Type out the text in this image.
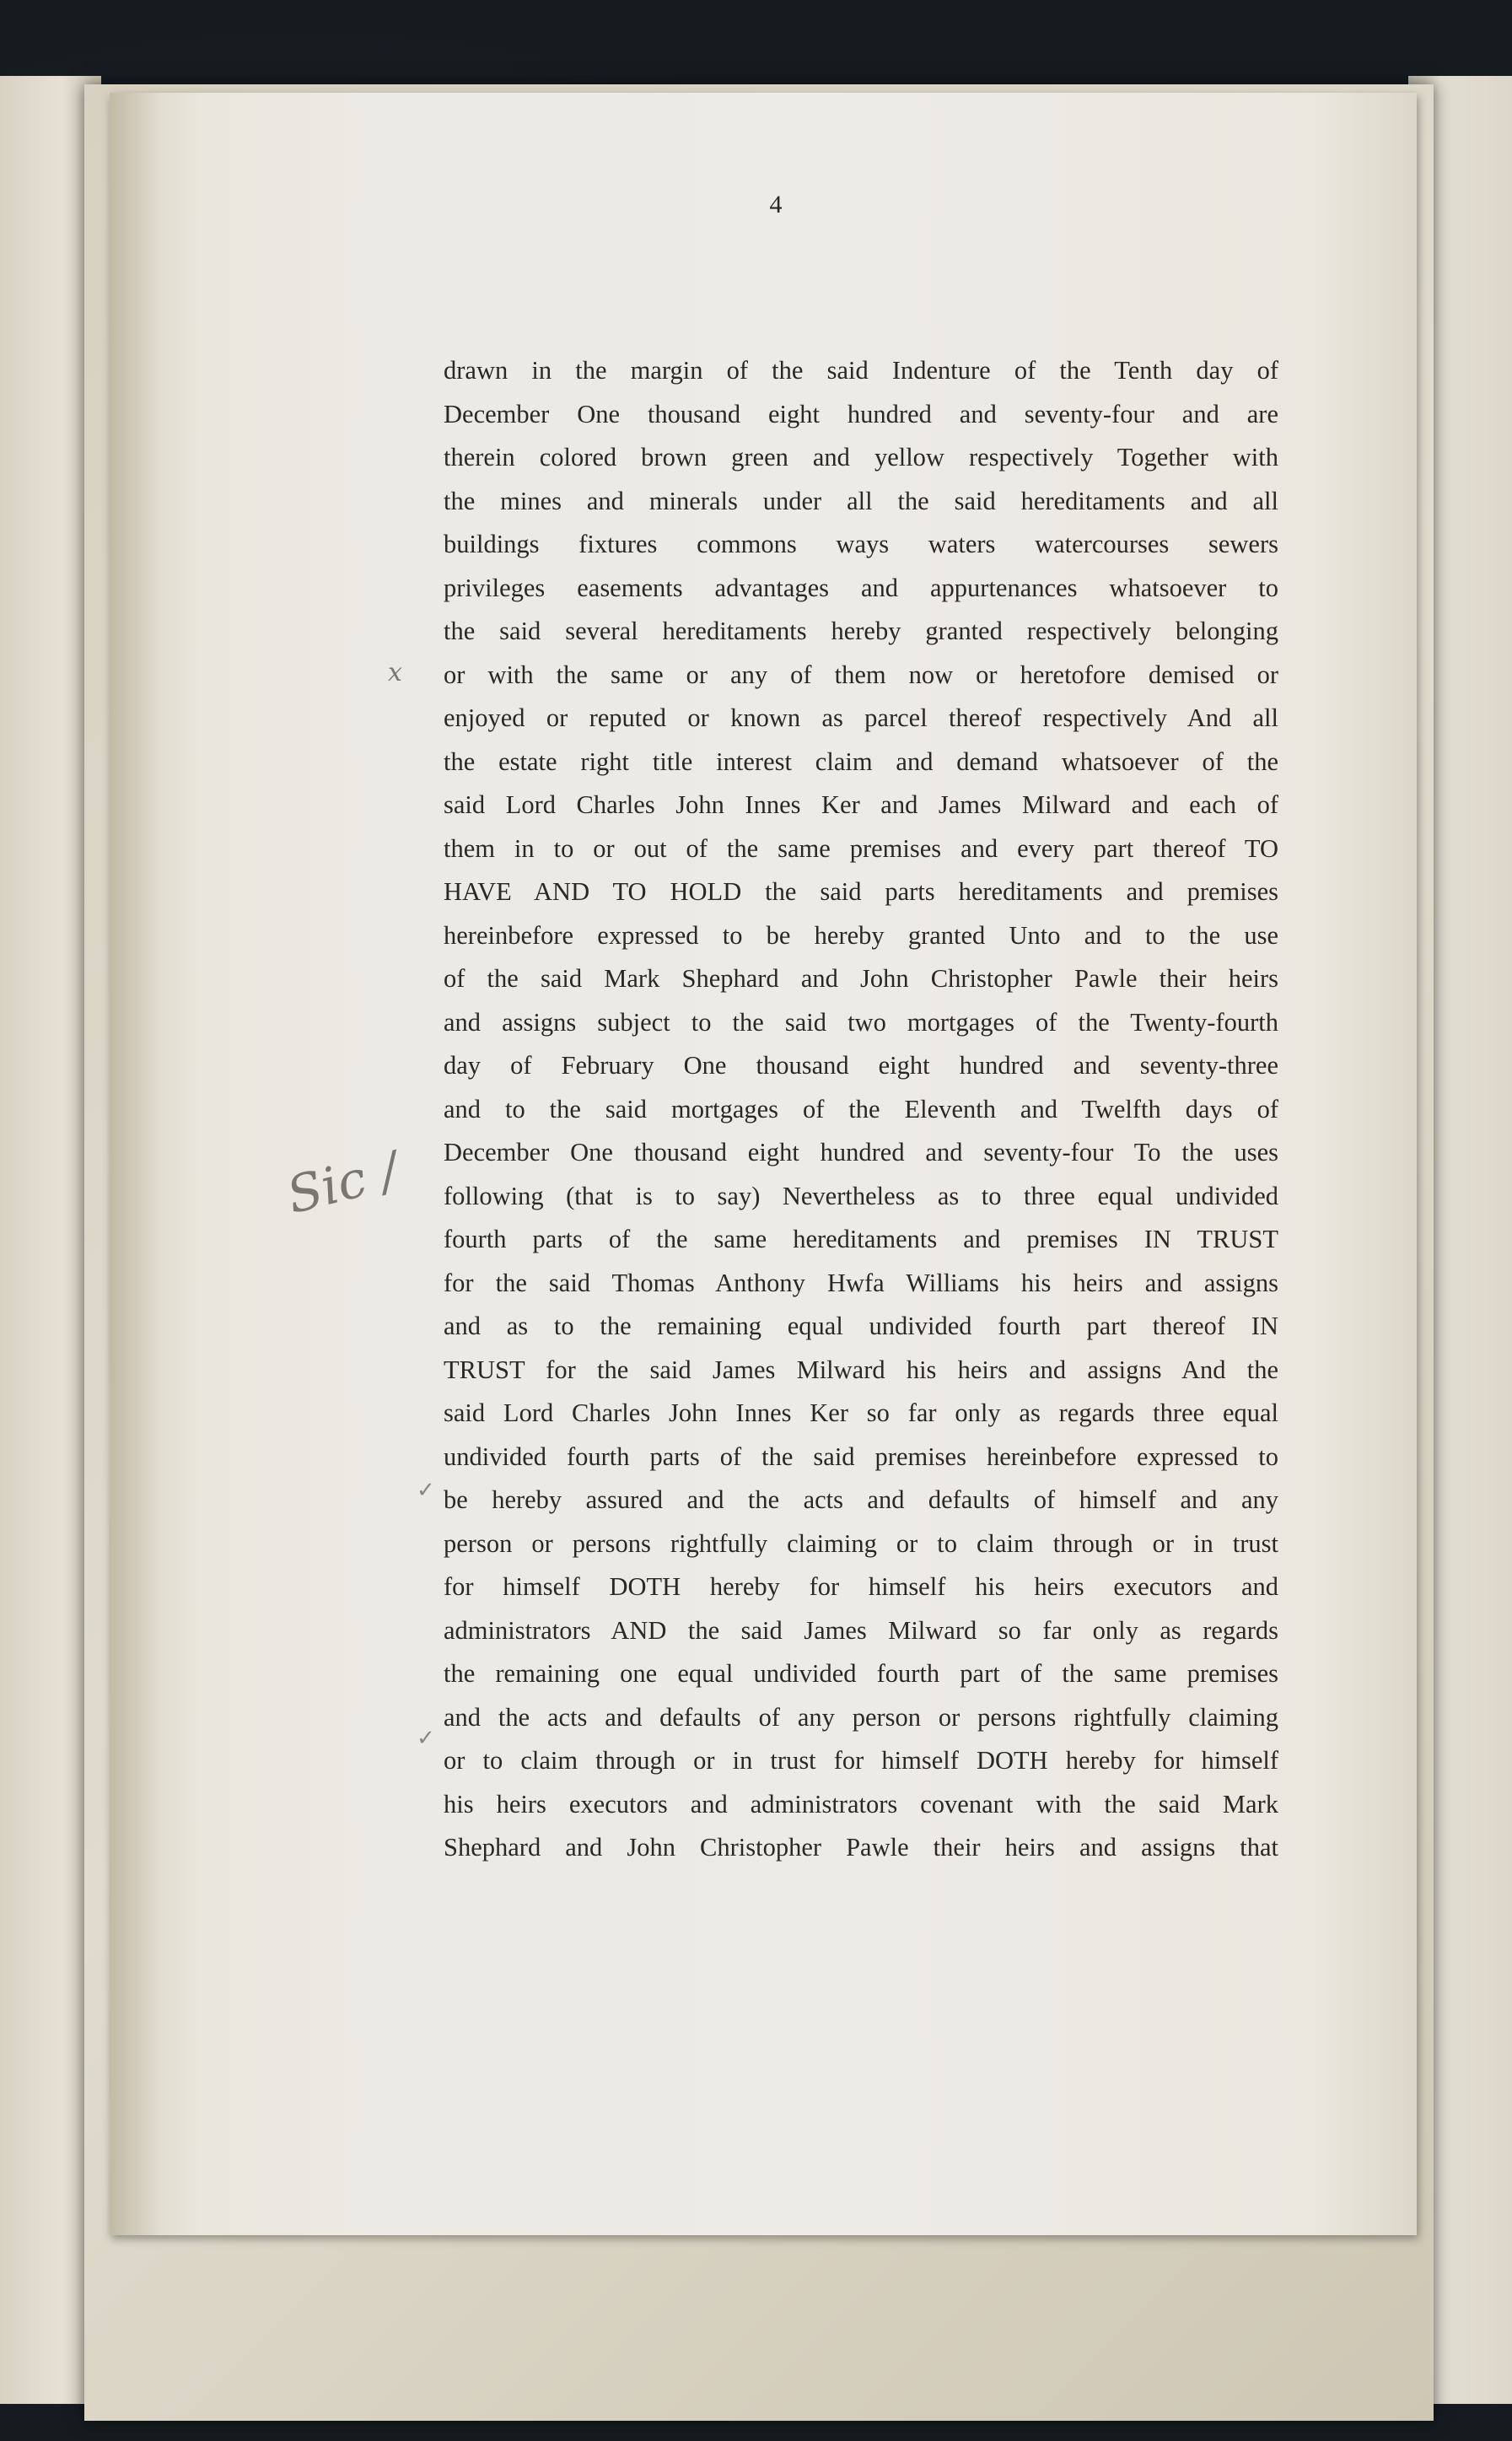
4
drawn in the margin of the said Indenture of the Tenth day of
December One thousand eight hundred and seventy-four and are
therein colored brown green and yellow respectively Together with
the mines and minerals under all the said hereditaments and all
buildings fixtures commons ways waters watercourses sewers
privileges easements advantages and appurtenances whatsoever to
the said several hereditaments hereby granted respectively belonging
or with the same or any of them now or heretofore demised or
enjoyed or reputed or known as parcel thereof respectively And all
the estate right title interest claim and demand whatsoever of the
said Lord Charles John Innes Ker and James Milward and each of
them in to or out of the same premises and every part thereof TO
HAVE AND TO HOLD the said parts hereditaments and premises
hereinbefore expressed to be hereby granted Unto and to the use
of the said Mark Shephard and John Christopher Pawle their heirs
and assigns subject to the said two mortgages of the Twenty-fourth
day of February One thousand eight hundred and seventy-three
and to the said mortgages of the Eleventh and Twelfth days of
December One thousand eight hundred and seventy-four To the uses
following (that is to say) Nevertheless as to three equal undivided
fourth parts of the same hereditaments and premises IN TRUST
for the said Thomas Anthony Hwfa Williams his heirs and assigns
and as to the remaining equal undivided fourth part thereof IN
TRUST for the said James Milward his heirs and assigns And the
said Lord Charles John Innes Ker so far only as regards three equal
undivided fourth parts of the said premises hereinbefore expressed to
be hereby assured and the acts and defaults of himself and any
person or persons rightfully claiming or to claim through or in trust
for himself DOTH hereby for himself his heirs executors and
administrators AND the said James Milward so far only as regards
the remaining one equal undivided fourth part of the same premises
and the acts and defaults of any person or persons rightfully claiming
or to claim through or in trust for himself DOTH hereby for himself
his heirs executors and administrators covenant with the said Mark
Shephard and John Christopher Pawle their heirs and assigns that
x
Sic /
✓
✓
